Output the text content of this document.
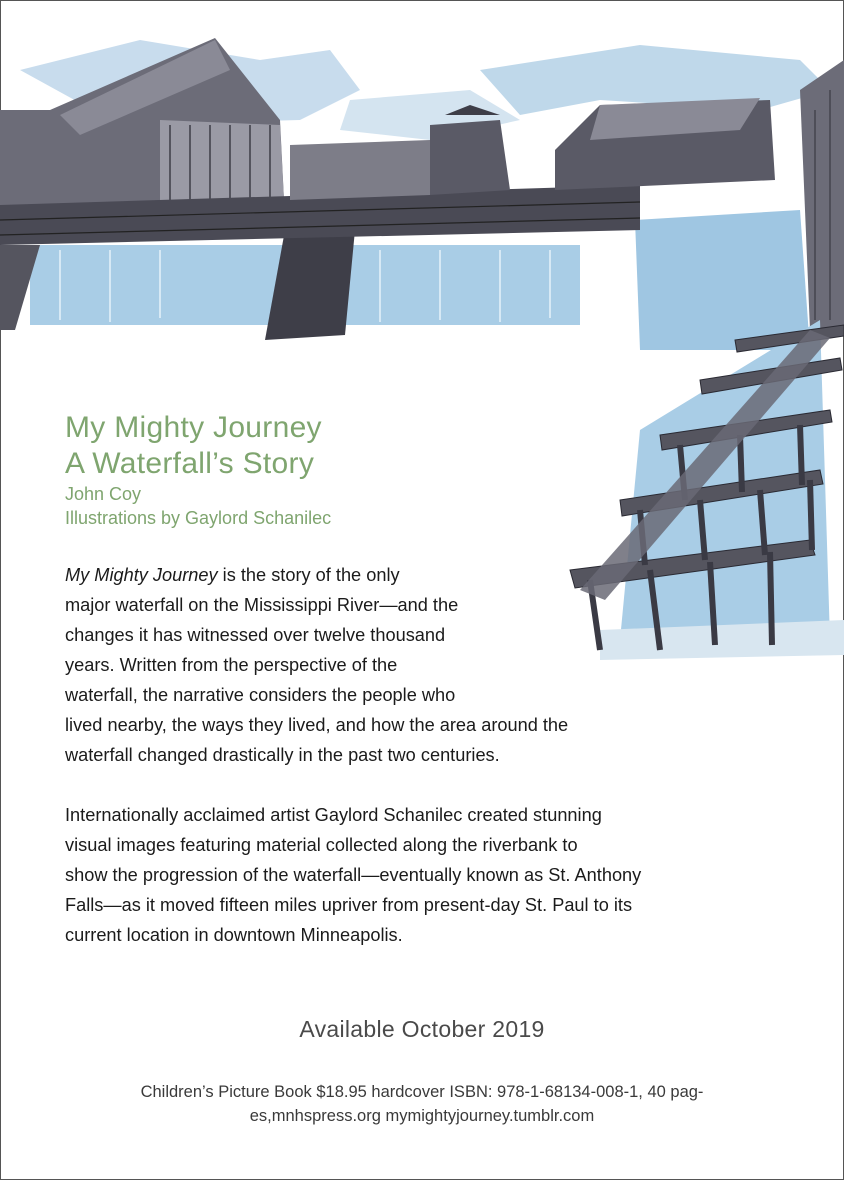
My Mighty Journey
A Waterfall’s Story

John Coy

Illustrations by Gaylord Schanilec

My Mighty Journey is the story of the only
major waterfall on the Mississippi River—and the
changes it has witnessed over twelve thousand
years. Written from the perspective of the
waterfall, the narrative considers the people who
lived nearby, the ways they lived, and how the area around the
waterfall changed drastically in the past two centuries.

Internationally acclaimed artist Gaylord Schanilec created stunning
visual images featuring material collected along the riverbank to
show the progression of the waterfall—eventually known as St. Anthony
Falls—as it moved fifteen miles upriver from present-day St. Paul to its
current location in downtown Minneapolis.

Available October 2019
Children’s Picture Book $18.95 hardcover ISBN: 978-1-68134-008-1, 40 pag-
es,mnhspress.org mymightyjourney.tumblr.com
